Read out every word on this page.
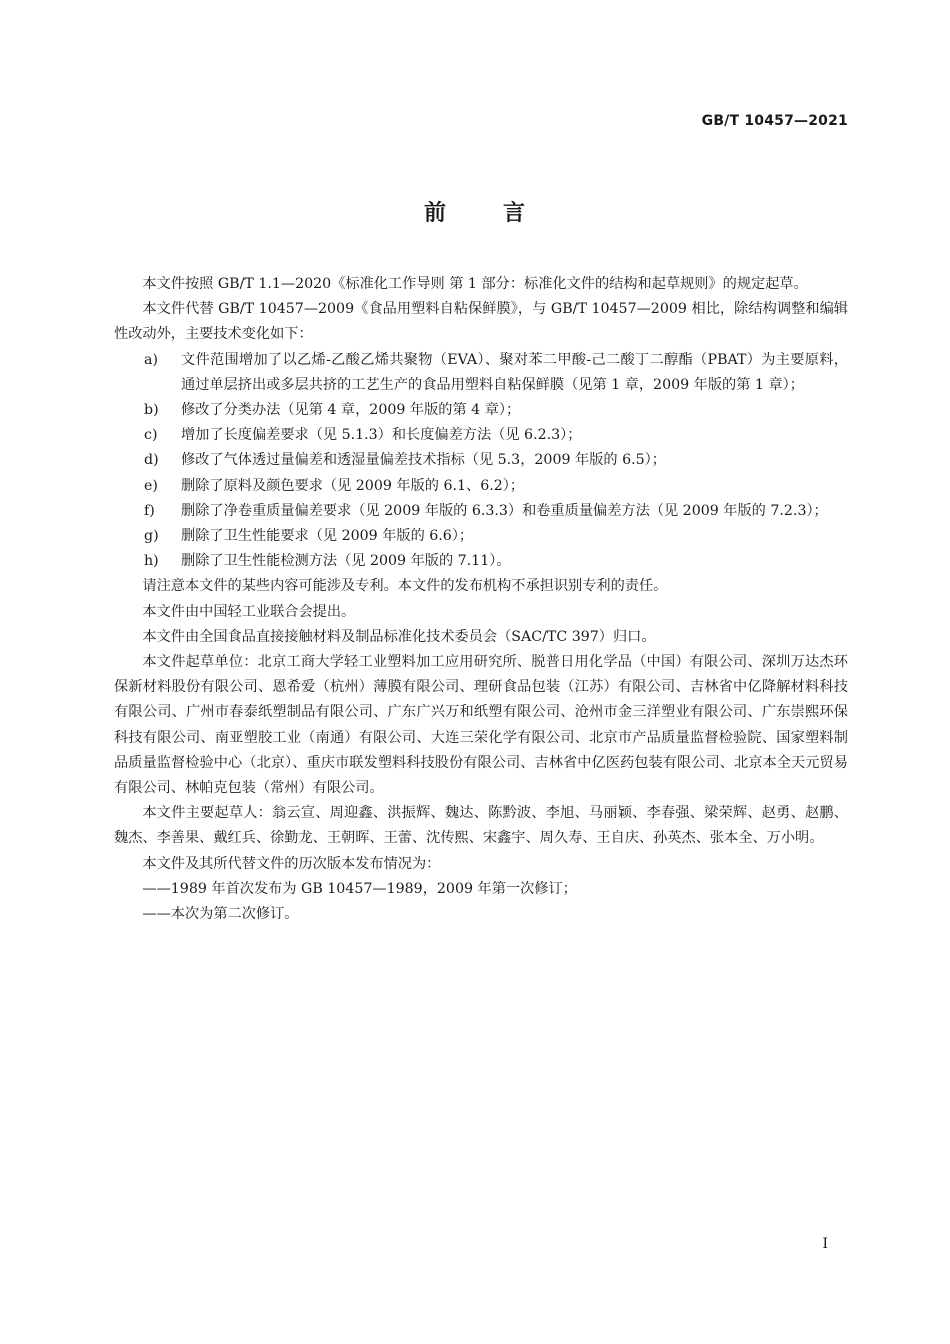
GB/T 10457—2021
前	言

本文件按照 GB/T 1.1—2020《标准化工作导则 第 1 部分：标准化文件的结构和起草规则》的规定起草。

本文件代替 GB/T 10457—2009《食品用塑料自粘保鲜膜》，与 GB/T 10457—2009 相比，除结构调整和编辑性改动外，主要技术变化如下：

a)	文件范围增加了以乙烯-乙酸乙烯共聚物（EVA）、聚对苯二甲酸-己二酸丁二醇酯（PBAT）为主要原料，通过单层挤出或多层共挤的工艺生产的食品用塑料自粘保鲜膜（见第 1 章，2009 年版的第 1 章）；
b)	修改了分类办法（见第 4 章，2009 年版的第 4 章）；
c)	增加了长度偏差要求（见 5.1.3）和长度偏差方法（见 6.2.3）；
d)	修改了气体透过量偏差和透湿量偏差技术指标（见 5.3，2009 年版的 6.5）；
e)	删除了原料及颜色要求（见 2009 年版的 6.1、6.2）；
f)	删除了净卷重质量偏差要求（见 2009 年版的 6.3.3）和卷重质量偏差方法（见 2009 年版的 7.2.3）；
g)	删除了卫生性能要求（见 2009 年版的 6.6）；
h)	删除了卫生性能检测方法（见 2009 年版的 7.11）。

请注意本文件的某些内容可能涉及专利。本文件的发布机构不承担识别专利的责任。

本文件由中国轻工业联合会提出。

本文件由全国食品直接接触材料及制品标准化技术委员会（SAC/TC 397）归口。

本文件起草单位：北京工商大学轻工业塑料加工应用研究所、脱普日用化学品（中国）有限公司、深圳万达杰环保新材料股份有限公司、恩希爱（杭州）薄膜有限公司、理研食品包装（江苏）有限公司、吉林省中亿降解材料科技有限公司、广州市春泰纸塑制品有限公司、广东广兴万和纸塑有限公司、沧州市金三洋塑业有限公司、广东崇熙环保科技有限公司、南亚塑胶工业（南通）有限公司、大连三荣化学有限公司、北京市产品质量监督检验院、国家塑料制品质量监督检验中心（北京）、重庆市联发塑料科技股份有限公司、吉林省中亿医药包装有限公司、北京本全天元贸易有限公司、林帕克包装（常州）有限公司。

本文件主要起草人：翁云宣、周迎鑫、洪振辉、魏达、陈黔波、李旭、马丽颖、李春强、梁荣辉、赵勇、赵鹏、魏杰、李善果、戴红兵、徐勤龙、王朝晖、王蕾、沈传熙、宋鑫宇、周久寿、王自庆、孙英杰、张本全、万小明。

本文件及其所代替文件的历次版本发布情况为：

——1989 年首次发布为 GB 10457—1989，2009 年第一次修订；

——本次为第二次修订。

I
